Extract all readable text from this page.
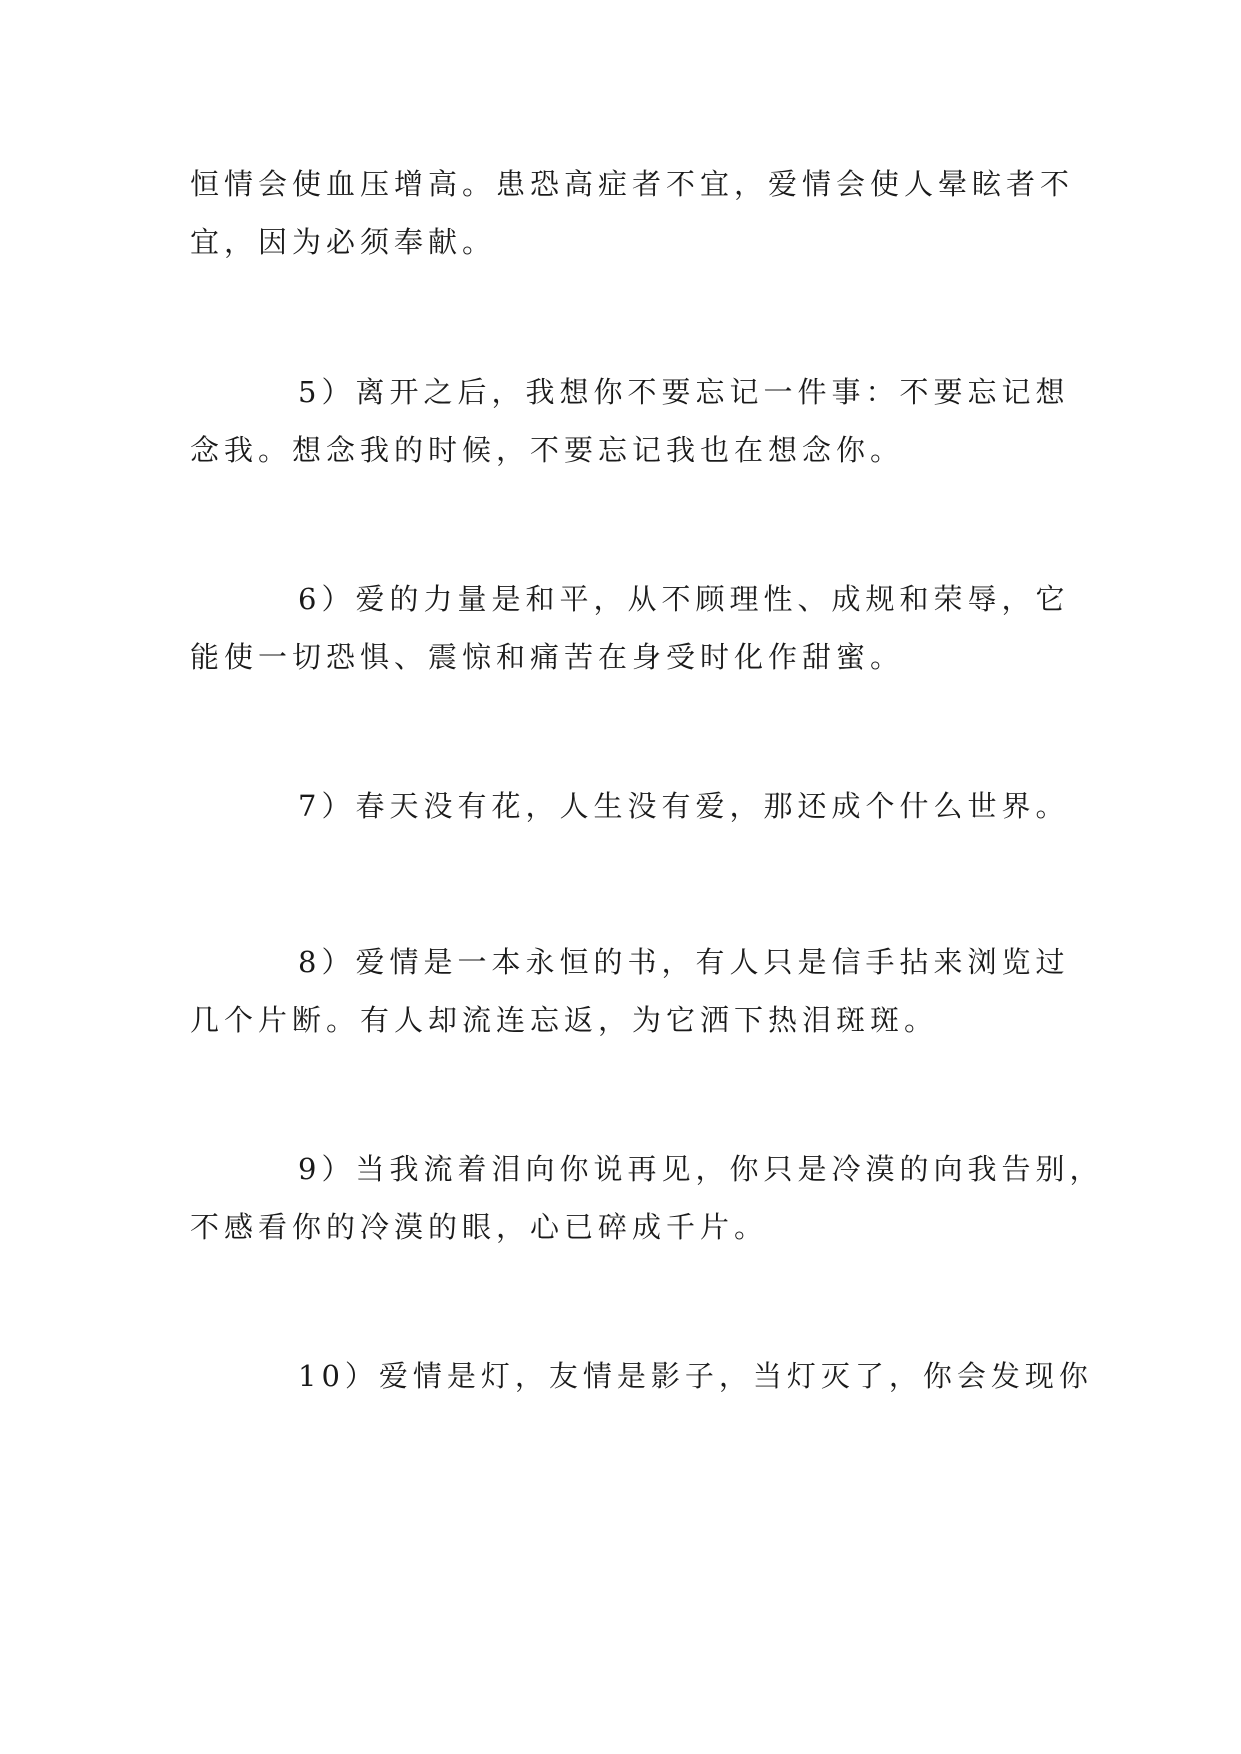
恒情会使血压增高。患恐高症者不宜，爱情会使人晕眩者不
宜，因为必须奉献。

5）离开之后，我想你不要忘记一件事：不要忘记想
念我。想念我的时候，不要忘记我也在想念你。

6）爱的力量是和平，从不顾理性、成规和荣辱，它
能使一切恐惧、震惊和痛苦在身受时化作甜蜜。

7）春天没有花，人生没有爱，那还成个什么世界。

8）爱情是一本永恒的书，有人只是信手拈来浏览过
几个片断。有人却流连忘返，为它洒下热泪斑斑。

9）当我流着泪向你说再见，你只是冷漠的向我告别，
不感看你的冷漠的眼，心已碎成千片。

10）爱情是灯，友情是影子，当灯灭了，你会发现你
